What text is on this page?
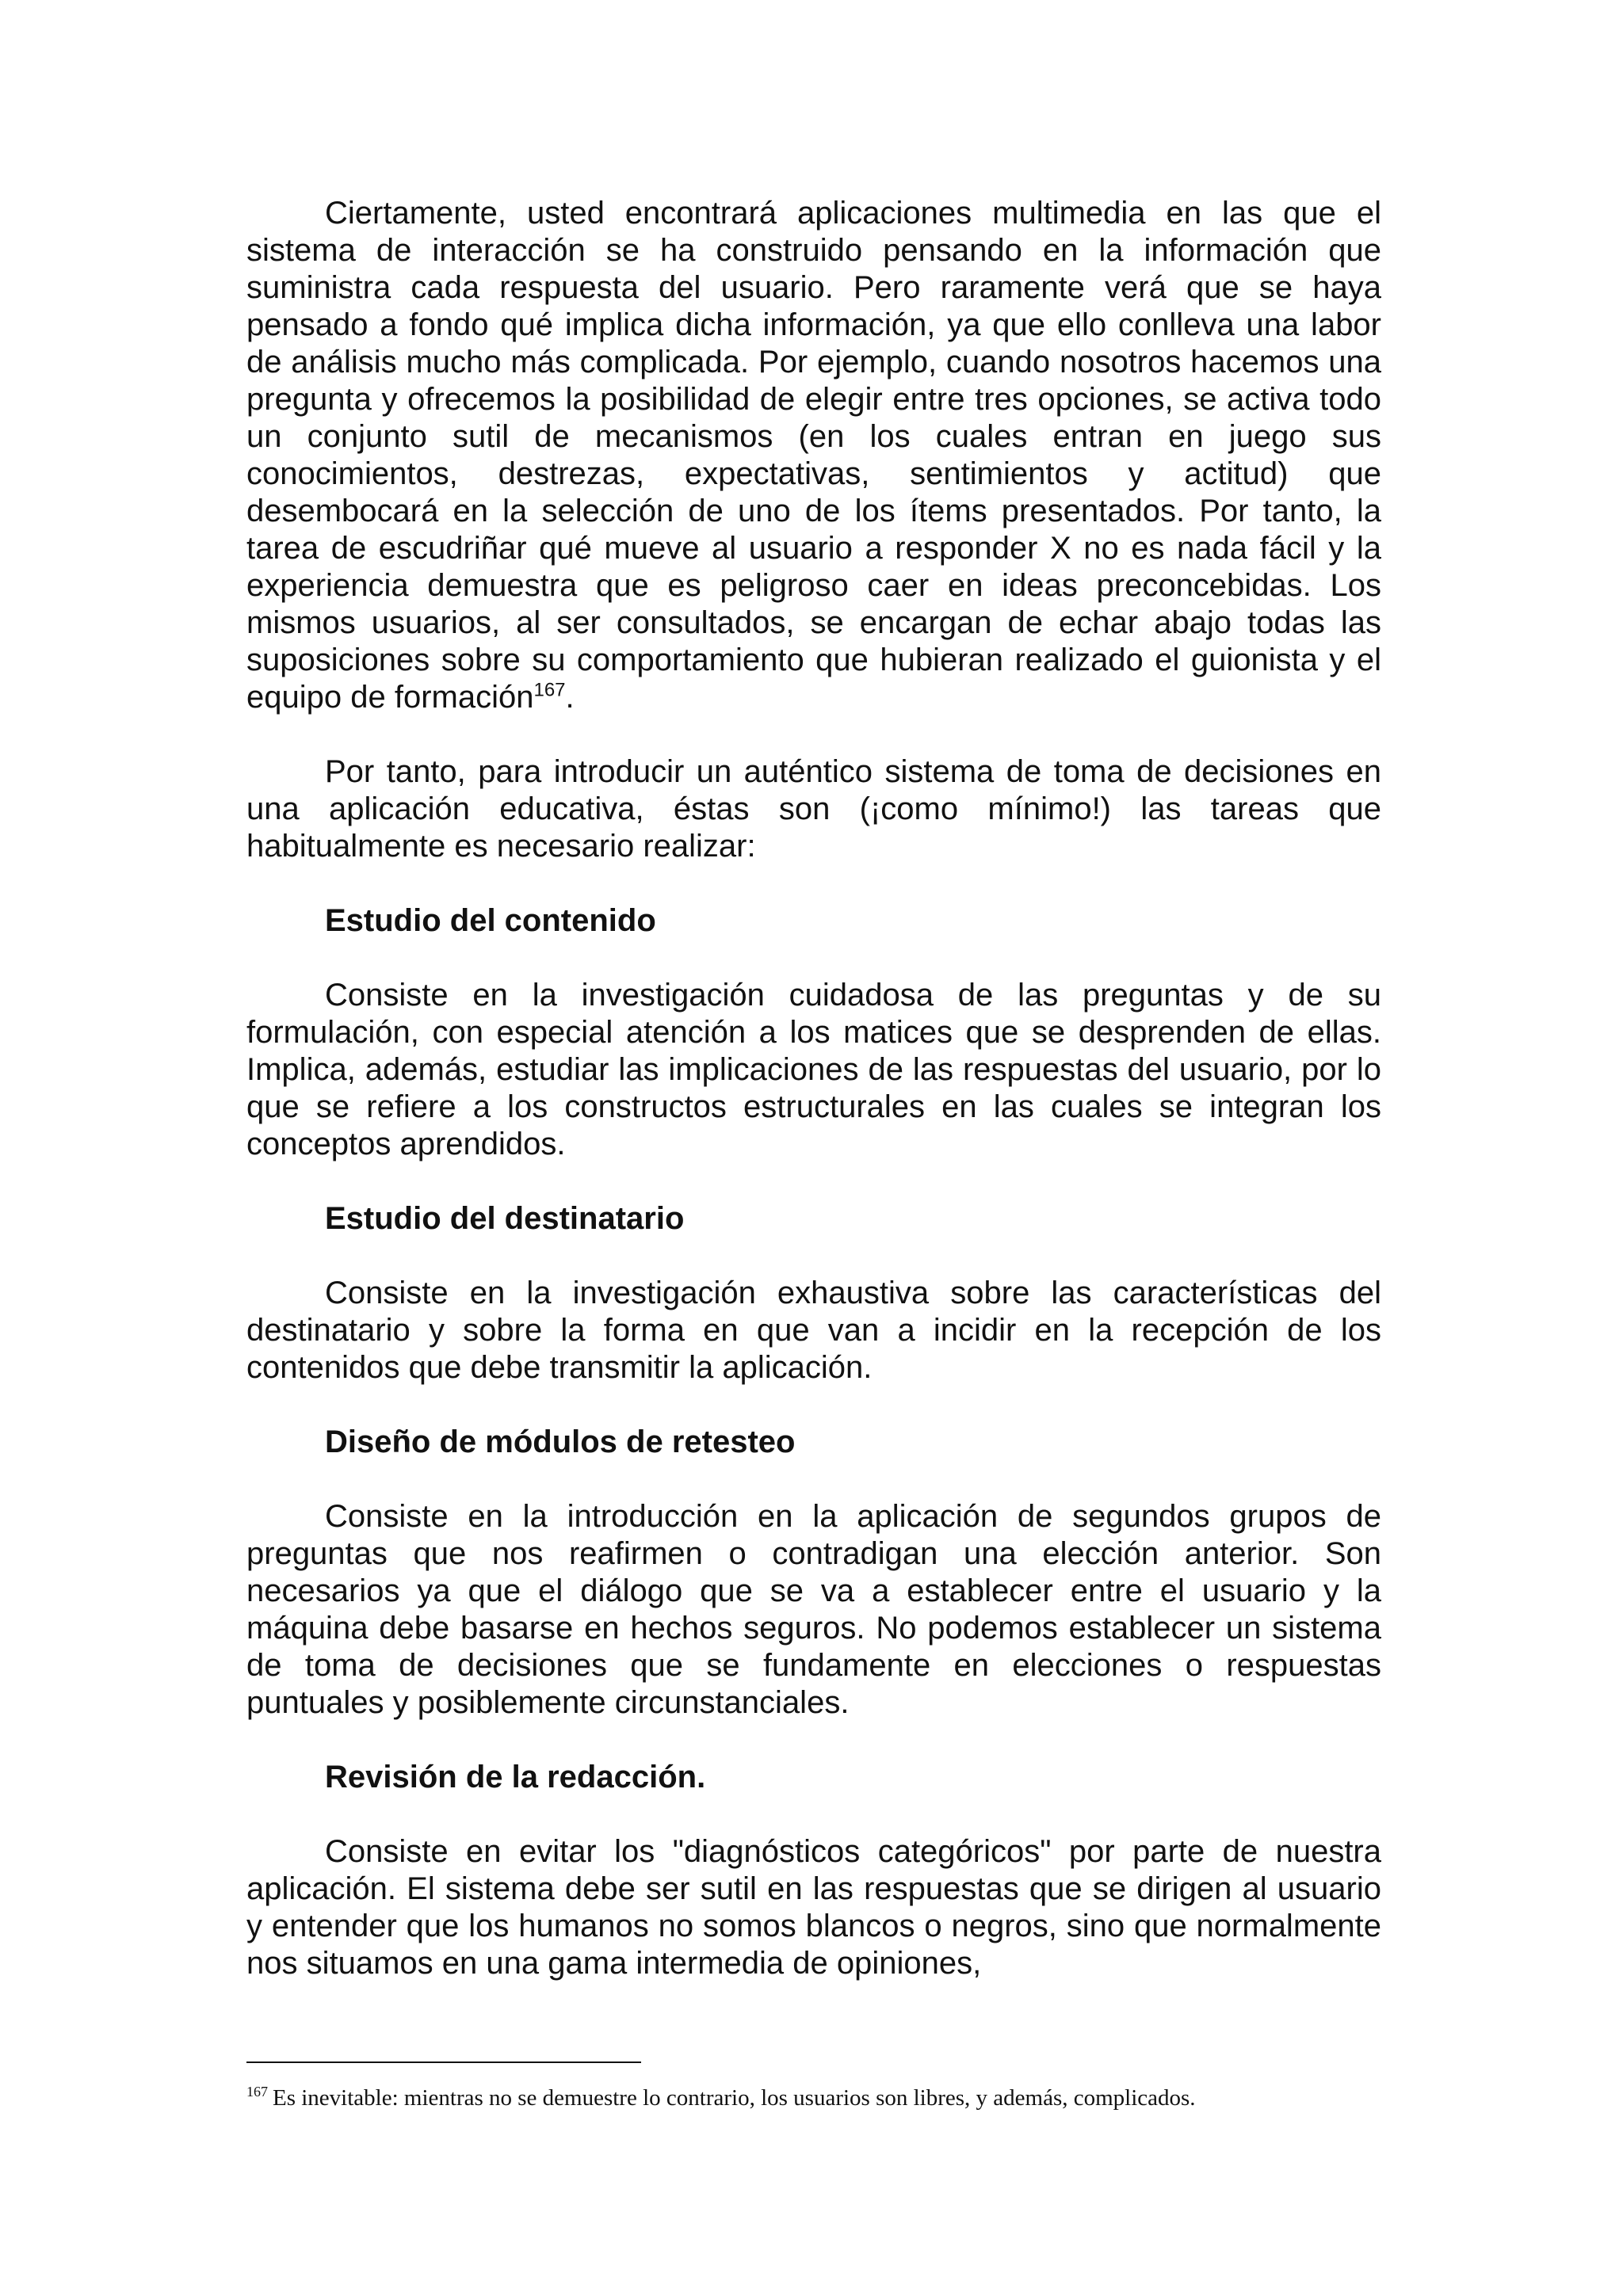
Ciertamente, usted encontrará aplicaciones multimedia en las que el sistema de interacción se ha construido pensando en la información que suministra cada respuesta del usuario. Pero raramente verá que se haya pensado a fondo qué implica dicha información, ya que ello conlleva una labor de análisis mucho más complicada. Por ejemplo, cuando nosotros hacemos una pregunta y ofrecemos la posibilidad de elegir entre tres opciones, se activa todo un conjunto sutil de mecanismos (en los cuales entran en juego sus conocimientos, destrezas, expectativas, sentimientos y actitud) que desembocará en la selección de uno de los ítems presentados. Por tanto, la tarea de escudriñar qué mueve al usuario a responder X no es nada fácil y la experiencia demuestra que es peligroso caer en ideas preconcebidas. Los mismos usuarios, al ser consultados, se encargan de echar abajo todas las suposiciones sobre su comportamiento que hubieran realizado el guionista y el equipo de formación$^{167}$.

Por tanto, para introducir un auténtico sistema de toma de decisiones en una aplicación educativa, éstas son (¡como mínimo!) las tareas que habitualmente es necesario realizar:

Estudio del contenido

Consiste en la investigación cuidadosa de las preguntas y de su formulación, con especial atención a los matices que se desprenden de ellas. Implica, además, estudiar las implicaciones de las respuestas del usuario, por lo que se refiere a los constructos estructurales en las cuales se integran los conceptos aprendidos.

Estudio del destinatario

Consiste en la investigación exhaustiva sobre las características del destinatario y sobre la forma en que van a incidir en la recepción de los contenidos que debe transmitir la aplicación.

Diseño de módulos de retesteo

Consiste en la introducción en la aplicación de segundos grupos de preguntas que nos reafirmen o contradigan una elección anterior. Son necesarios ya que el diálogo que se va a establecer entre el usuario y la máquina debe basarse en hechos seguros. No podemos establecer un sistema de toma de decisiones que se fundamente en elecciones o respuestas puntuales y posiblemente circunstanciales.

Revisión de la redacción.

Consiste en evitar los "diagnósticos categóricos" por parte de nuestra aplicación. El sistema debe ser sutil en las respuestas que se dirigen al usuario y entender que los humanos no somos blancos o negros, sino que normalmente nos situamos en una gama intermedia de opiniones,

$^{167}$ Es inevitable: mientras no se demuestre lo contrario, los usuarios son libres, y además, complicados.
